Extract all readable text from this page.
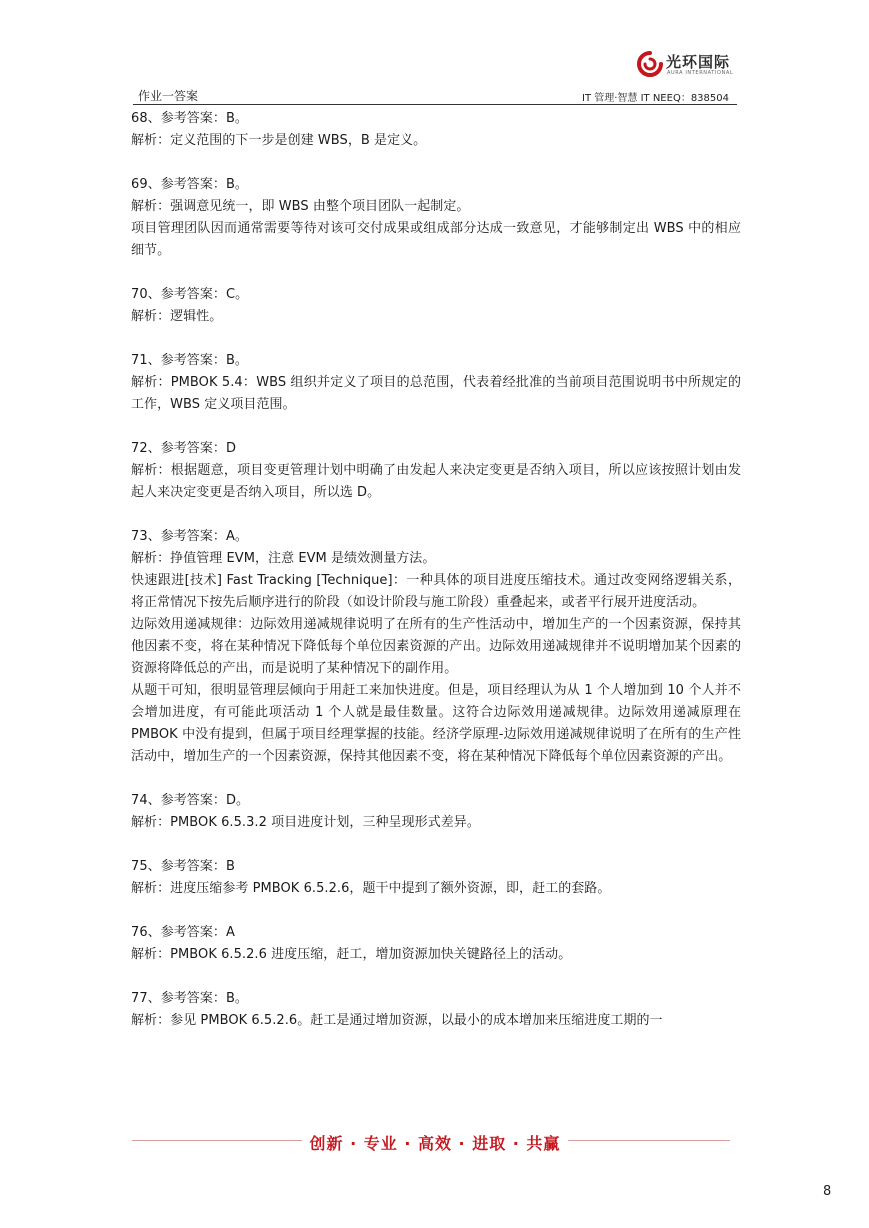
光环国际
AURA INTERNATIONAL
作业一答案	IT 管理·智慧 IT NEEQ：838504

68、参考答案：B。

解析：定义范围的下一步是创建 WBS，B 是定义。

69、参考答案：B。

解析：强调意见统一，即 WBS 由整个项目团队一起制定。

项目管理团队因而通常需要等待对该可交付成果或组成部分达成一致意见，才能够制定出 WBS 中的相应细节。

70、参考答案：C。

解析：逻辑性。

71、参考答案：B。

解析：PMBOK 5.4：WBS 组织并定义了项目的总范围，代表着经批准的当前项目范围说明书中所规定的工作，WBS 定义项目范围。

72、参考答案：D

解析：根据题意，项目变更管理计划中明确了由发起人来决定变更是否纳入项目，所以应该按照计划由发起人来决定变更是否纳入项目，所以选 D。

73、参考答案：A。

解析：挣值管理 EVM，注意 EVM 是绩效测量方法。

快速跟进[技术] Fast Tracking [Technique]：一种具体的项目进度压缩技术。通过改变网络逻辑关系，将正常情况下按先后顺序进行的阶段（如设计阶段与施工阶段）重叠起来，或者平行展开进度活动。

边际效用递减规律：边际效用递减规律说明了在所有的生产性活动中，增加生产的一个因素资源，保持其他因素不变，将在某种情况下降低每个单位因素资源的产出。边际效用递减规律并不说明增加某个因素的资源将降低总的产出，而是说明了某种情况下的副作用。

从题干可知，很明显管理层倾向于用赶工来加快进度。但是，项目经理认为从 1 个人增加到 10 个人并不会增加进度，有可能此项活动 1 个人就是最佳数量。这符合边际效用递减规律。边际效用递减原理在 PMBOK 中没有提到，但属于项目经理掌握的技能。经济学原理-边际效用递减规律说明了在所有的生产性活动中，增加生产的一个因素资源，保持其他因素不变，将在某种情况下降低每个单位因素资源的产出。

74、参考答案：D。

解析：PMBOK 6.5.3.2 项目进度计划，三种呈现形式差异。

75、参考答案：B

解析：进度压缩参考 PMBOK 6.5.2.6，题干中提到了额外资源，即，赶工的套路。

76、参考答案：A

解析：PMBOK 6.5.2.6 进度压缩，赶工，增加资源加快关键路径上的活动。

77、参考答案：B。

解析：参见 PMBOK 6.5.2.6。赶工是通过增加资源，以最小的成本增加来压缩进度工期的一

创新 · 专业 · 高效 · 进取 · 共赢
8
